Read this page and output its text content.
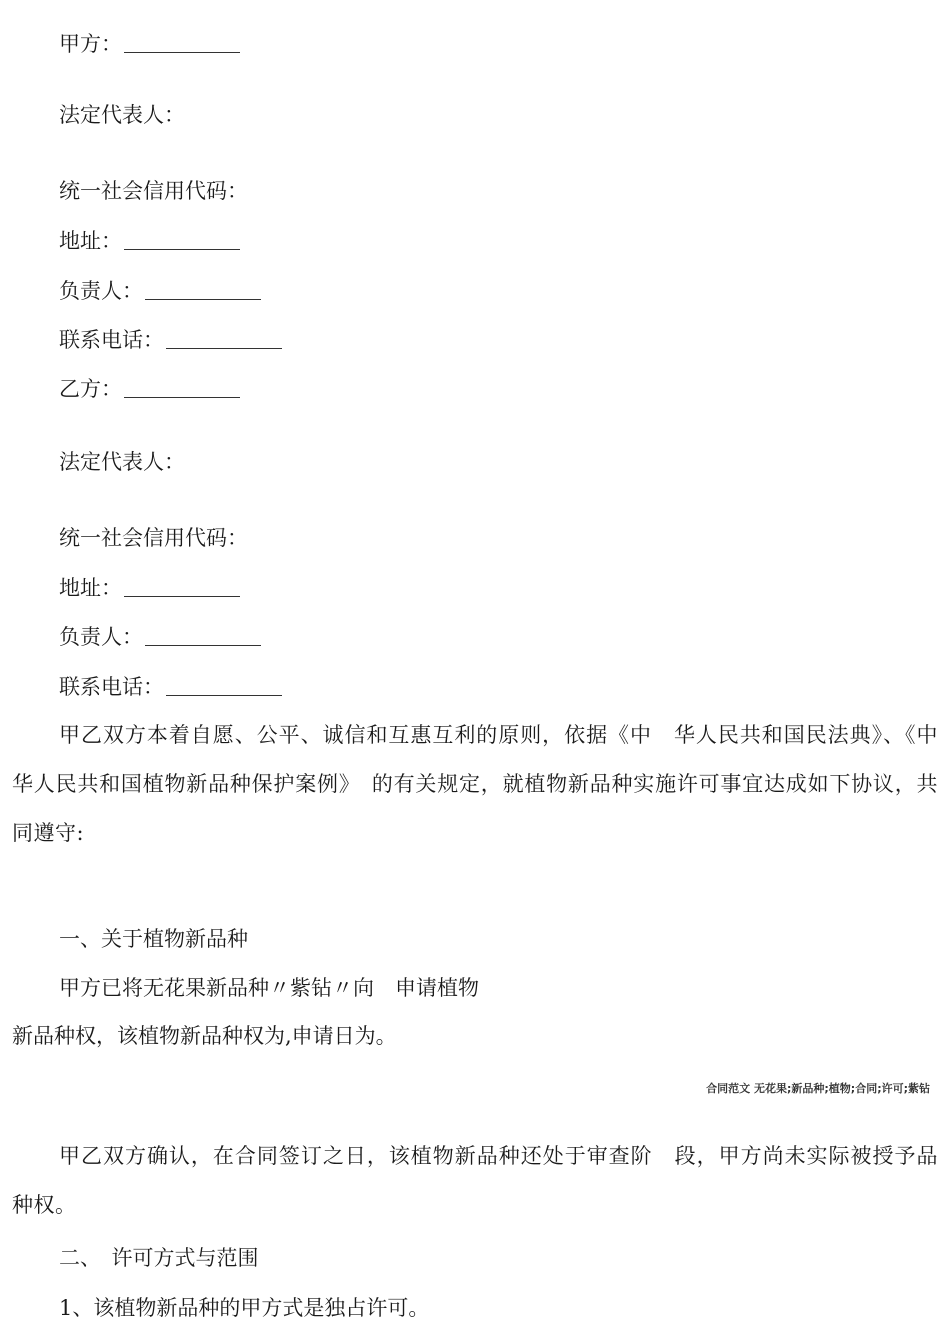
甲方：
法定代表人：
统一社会信用代码：
地址：
负责人：
联系电话：
乙方：
法定代表人：
统一社会信用代码：
地址：
负责人：
联系电话：
甲乙双方本着自愿、公平、诚信和互惠互利的原则，依据《中　华人民共和国民法典》、《中华人民共和国植物新品种保护案例》　的有关规定，就植物新品种实施许可事宜达成如下协议，共同遵守:
一、关于植物新品种
甲方已将无花果新品种〃紫钻〃向　申请植物
新品种权，该植物新品种权为,申请日为。
合同范文 无花果;新品种;植物;合同;许可;紫钻
甲乙双方确认，在合同签订之日，该植物新品种还处于审查阶　段，甲方尚未实际被授予品种权。
二、　许可方式与范围
1、该植物新品种的甲方式是独占许可。
